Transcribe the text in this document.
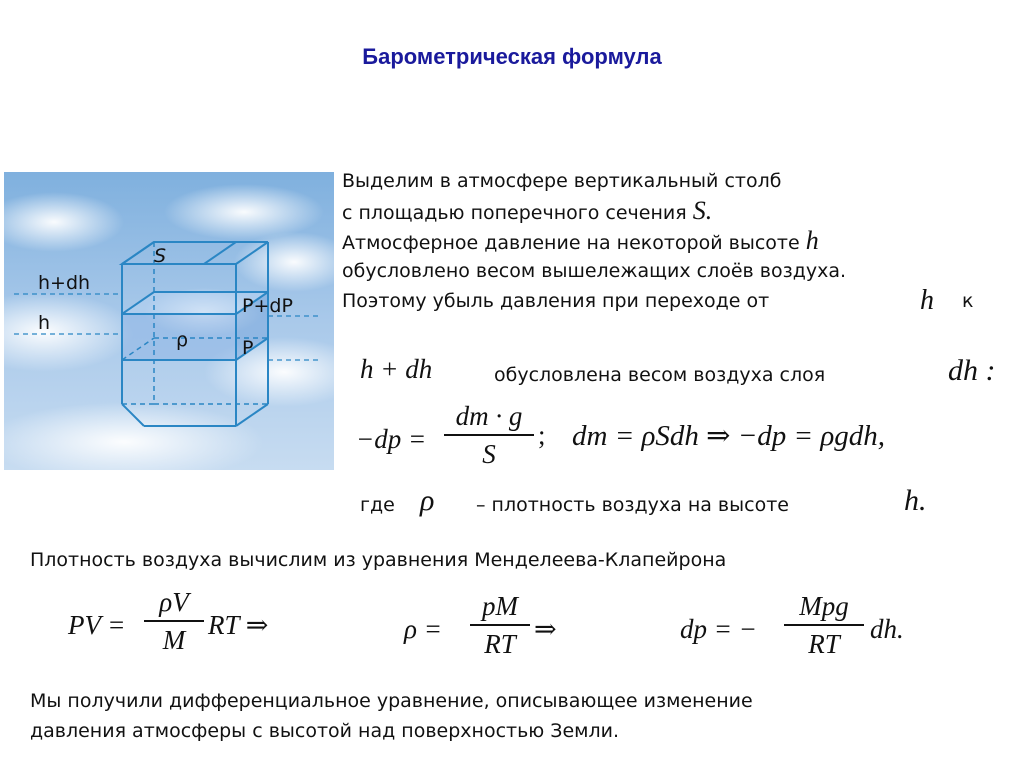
Барометрическая формула
S
h+dh
h
P+dP
P
ρ
Выделим в атмосфере вертикальный столб
с площадью поперечного сечения S.
Атмосферное давление на некоторой высоте h
обусловлено весом вышележащих слоёв воздуха.
Поэтому убыль давления при переходе от	h к
h + dh	обусловлена весом воздуха слоя	dh :
−dp =
dm · g
S
; dm = ρSdh ⇒ −dp = ρgdh,
где ρ – плотность воздуха на высоте	h.
Плотность воздуха вычислим из уравнения Менделеева-Клапейрона
PV =
ρV
M RT ⇒	ρ =
pM
RT ⇒	dp = −
Mpg
RT	dh.
Мы получили дифференциальное уравнение, описывающее изменение
давления атмосферы с высотой над поверхностью Земли.
